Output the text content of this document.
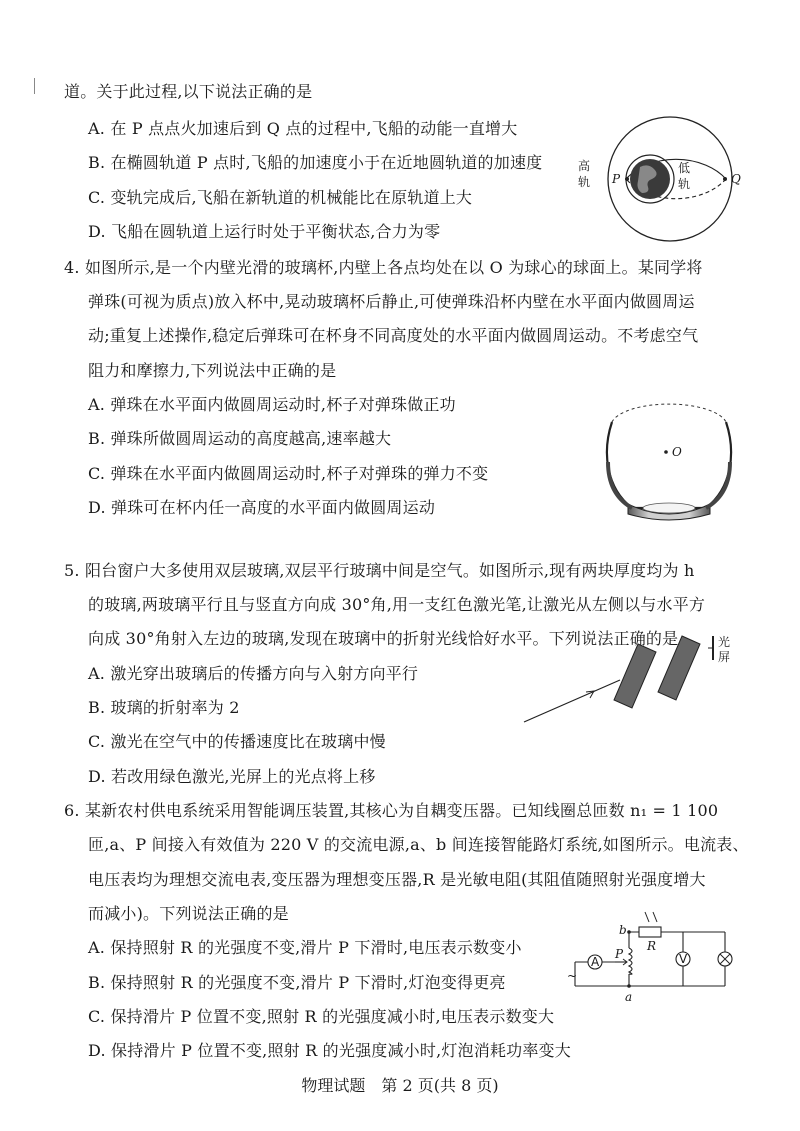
道。关于此过程,以下说法正确的是

A. 在 P 点点火加速后到 Q 点的过程中,飞船的动能一直增大

B. 在椭圆轨道 P 点时,飞船的加速度小于在近地圆轨道的加速度

C. 变轨完成后,飞船在新轨道的机械能比在原轨道上大

D. 飞船在圆轨道上运行时处于平衡状态,合力为零

高
轨 P
低
轨	Q

4. 如图所示,是一个内壁光滑的玻璃杯,内壁上各点均处在以 O 为球心的球面上。某同学将

弹珠(可视为质点)放入杯中,晃动玻璃杯后静止,可使弹珠沿杯内壁在水平面内做圆周运

动;重复上述操作,稳定后弹珠可在杯身不同高度处的水平面内做圆周运动。不考虑空气

阻力和摩擦力,下列说法中正确的是

A. 弹珠在水平面内做圆周运动时,杯子对弹珠做正功

B. 弹珠所做圆周运动的高度越高,速率越大

C. 弹珠在水平面内做圆周运动时,杯子对弹珠的弹力不变

D. 弹珠可在杯内任一高度的水平面内做圆周运动

O

5. 阳台窗户大多使用双层玻璃,双层平行玻璃中间是空气。如图所示,现有两块厚度均为 h

的玻璃,两玻璃平行且与竖直方向成 30°角,用一支红色激光笔,让激光从左侧以与水平方

向成 30°角射入左边的玻璃,发现在玻璃中的折射光线恰好水平。下列说法正确的是

A. 激光穿出玻璃后的传播方向与入射方向平行

B. 玻璃的折射率为 2

C. 激光在空气中的传播速度比在玻璃中慢

D. 若改用绿色激光,光屏上的光点将上移

光
屏

6. 某新农村供电系统采用智能调压装置,其核心为自耦变压器。已知线圈总匝数 n₁ = 1 100

匝,a、P 间接入有效值为 220 V 的交流电源,a、b 间连接智能路灯系统,如图所示。电流表、

电压表均为理想交流电表,变压器为理想变压器,R 是光敏电阻(其阻值随照射光强度增大

而减小)。下列说法正确的是

A. 保持照射 R 的光强度不变,滑片 P 下滑时,电压表示数变小

B. 保持照射 R 的光强度不变,滑片 P 下滑时,灯泡变得更亮

C. 保持滑片 P 位置不变,照射 R 的光强度减小时,电压表示数变大

D. 保持滑片 P 位置不变,照射 R 的光强度减小时,灯泡消耗功率变大

A
~
R
V
b
a
P
物理试题　第 2 页(共 8 页)
